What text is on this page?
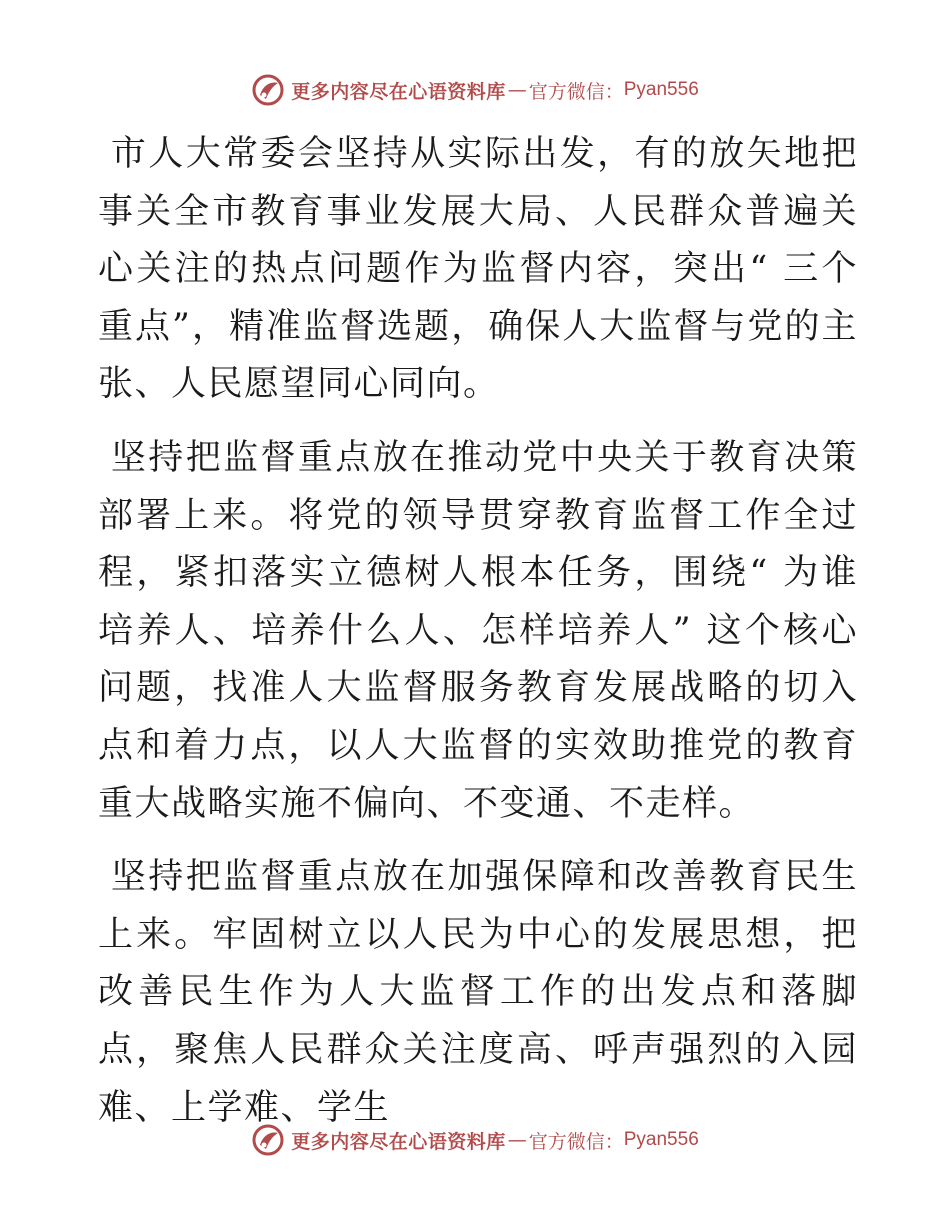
更多内容尽在心语资料库 — 官方微信： Pyan556

市人大常委会坚持从实际出发，有的放矢地把事关全市教育事业发展大局、人民群众普遍关心关注的热点问题作为监督内容，突出“ 三个重点”，精准监督选题，确保人大监督与党的主张、人民愿望同心同向。

坚持把监督重点放在推动党中央关于教育决策部署上来。将党的领导贯穿教育监督工作全过程，紧扣落实立德树人根本任务，围绕“ 为谁培养人、培养什么人、怎样培养人” 这个核心问题，找准人大监督服务教育发展战略的切入点和着力点，以人大监督的实效助推党的教育重大战略实施不偏向、不变通、不走样。

坚持把监督重点放在加强保障和改善教育民生上来。牢固树立以人民为中心的发展思想，把改善民生作为人大监督工作的出发点和落脚点，聚焦人民群众关注度高、呼声强烈的入园难、上学难、学生

更多内容尽在心语资料库 — 官方微信： Pyan556
